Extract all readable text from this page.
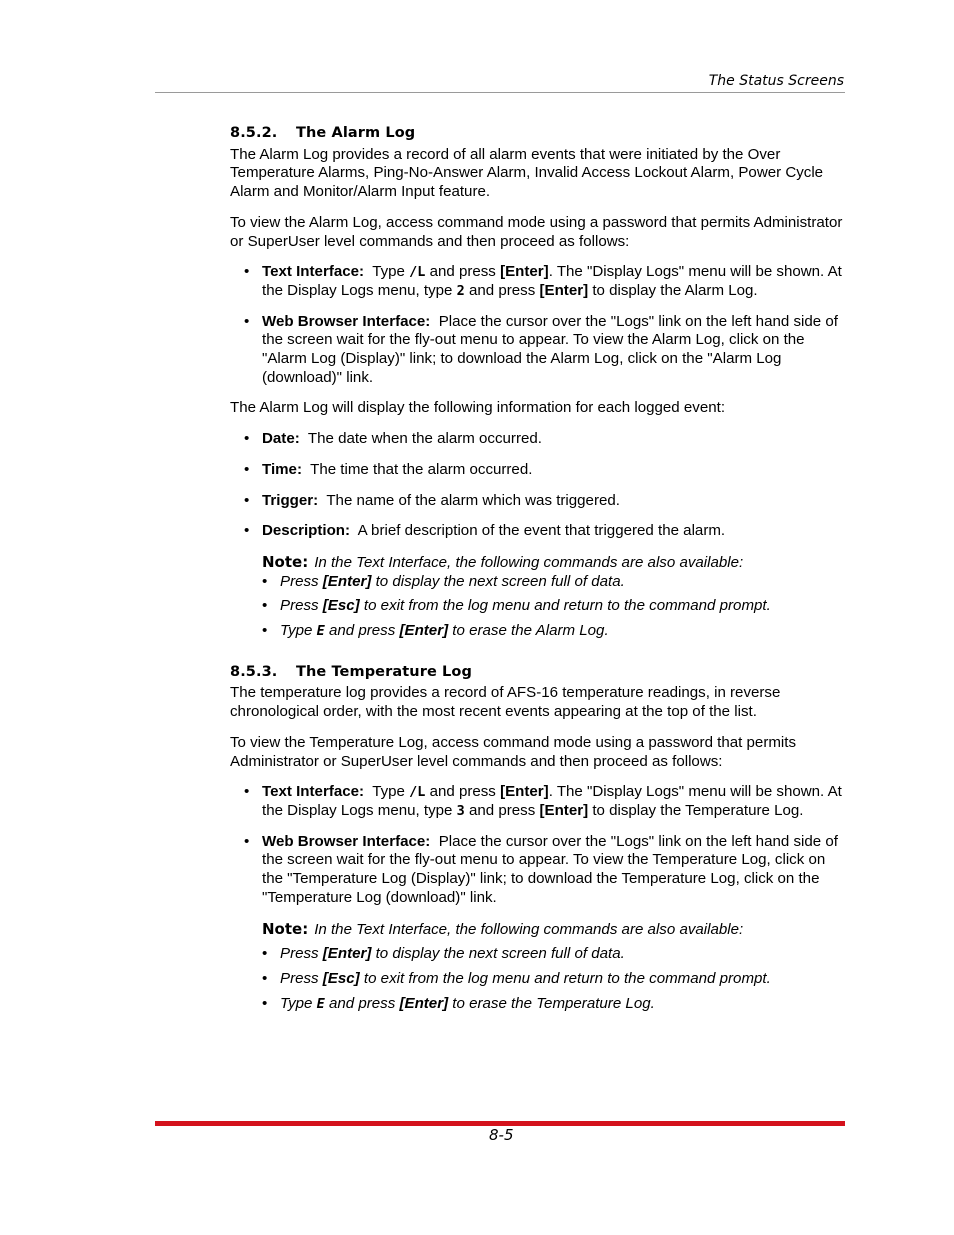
The Status Screens
8.5.2. The Alarm Log

The Alarm Log provides a record of all alarm events that were initiated by the Over Temperature Alarms, Ping-No-Answer Alarm, Invalid Access Lockout Alarm, Power Cycle Alarm and Monitor/Alarm Input feature.

To view the Alarm Log, access command mode using a password that permits Administrator or SuperUser level commands and then proceed as follows:

• Text Interface: Type /L and press [Enter]. The "Display Logs" menu will be shown. At the Display Logs menu, type 2 and press [Enter] to display the Alarm Log.
• Web Browser Interface: Place the cursor over the "Logs" link on the left hand side of the screen wait for the fly-out menu to appear. To view the Alarm Log, click on the "Alarm Log (Display)" link; to download the Alarm Log, click on the "Alarm Log (download)" link.

The Alarm Log will display the following information for each logged event:

• Date: The date when the alarm occurred.
• Time: The time that the alarm occurred.
• Trigger: The name of the alarm which was triggered.
• Description: A brief description of the event that triggered the alarm.
Note: In the Text Interface, the following commands are also available:
• Press [Enter] to display the next screen full of data.
• Press [Esc] to exit from the log menu and return to the command prompt.
• Type E and press [Enter] to erase the Alarm Log.
8.5.3. The Temperature Log

The temperature log provides a record of AFS-16 temperature readings, in reverse chronological order, with the most recent events appearing at the top of the list.

To view the Temperature Log, access command mode using a password that permits Administrator or SuperUser level commands and then proceed as follows:

• Text Interface: Type /L and press [Enter]. The "Display Logs" menu will be shown. At the Display Logs menu, type 3 and press [Enter] to display the Temperature Log.
• Web Browser Interface: Place the cursor over the "Logs" link on the left hand side of the screen wait for the fly-out menu to appear. To view the Temperature Log, click on the "Temperature Log (Display)" link; to download the Temperature Log, click on the "Temperature Log (download)" link.
Note: In the Text Interface, the following commands are also available:
• Press [Enter] to display the next screen full of data.
• Press [Esc] to exit from the log menu and return to the command prompt.
• Type E and press [Enter] to erase the Temperature Log.
8-5
